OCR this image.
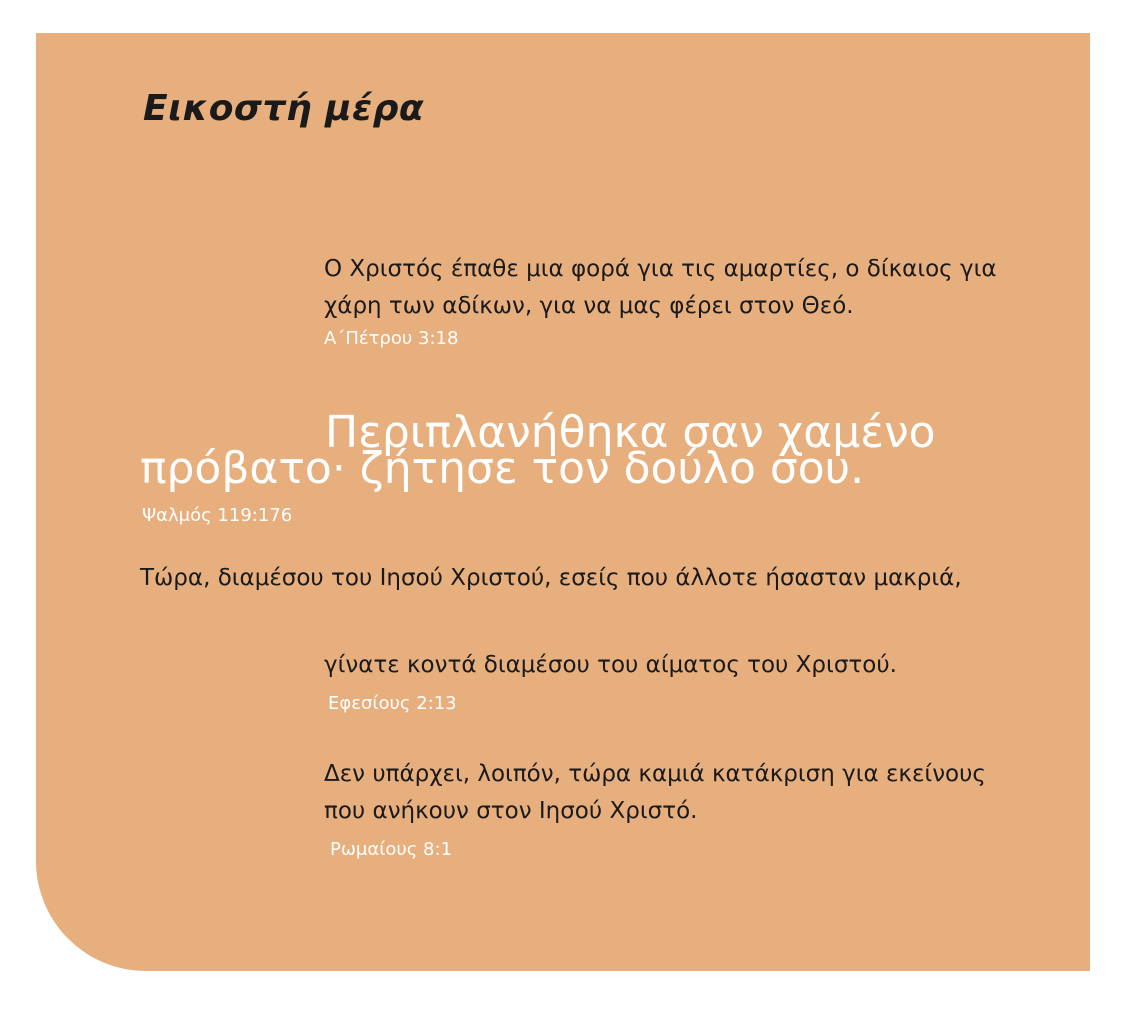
Εικοστή μέρα
Ο Χριστός έπαθε μια φορά για τις αμαρτίες, ο δίκαιος για χάρη των αδίκων, για να μας φέρει στον Θεό.
Α΄Πέτρου 3:18
Περιπλανήθηκα σαν χαμένο
πρόβατο· ζήτησε τον δούλο σου.
Ψαλμός 119:176
Τώρα, διαμέσου του Ιησού Χριστού, εσείς που άλλοτε ήσασταν μακριά,
γίνατε κοντά διαμέσου του αίματος του Χριστού.
Εφεσίους 2:13
Δεν υπάρχει, λοιπόν, τώρα καμιά κατάκριση για εκείνους που ανήκουν στον Ιησού Χριστό.
Ρωμαίους 8:1
